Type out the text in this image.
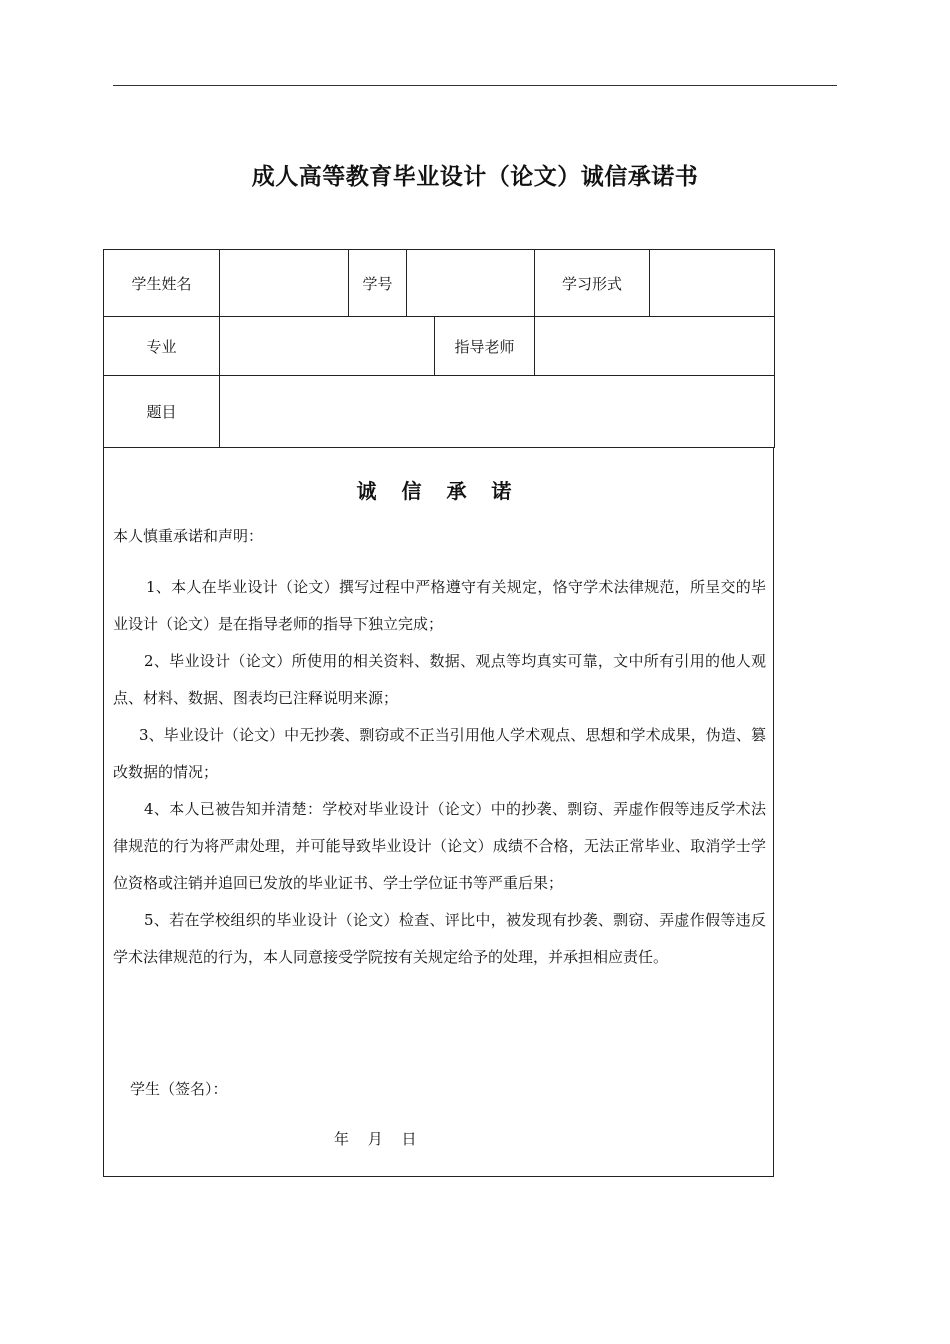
成人高等教育毕业设计（论文）诚信承诺书
学生姓名		学号			学习形式	
专业				指导老师		
题目						
诚 信 承 诺
本人慎重承诺和声明：

1、本人在毕业设计（论文）撰写过程中严格遵守有关规定，恪守学术法律规范，所呈交的毕业设计（论文）是在指导老师的指导下独立完成；

2、毕业设计（论文）所使用的相关资料、数据、观点等均真实可靠，文中所有引用的他人观点、材料、数据、图表均已注释说明来源；

3、毕业设计（论文）中无抄袭、剽窃或不正当引用他人学术观点、思想和学术成果，伪造、篡改数据的情况；

4、本人已被告知并清楚：学校对毕业设计（论文）中的抄袭、剽窃、弄虚作假等违反学术法律规范的行为将严肃处理，并可能导致毕业设计（论文）成绩不合格，无法正常毕业、取消学士学位资格或注销并追回已发放的毕业证书、学士学位证书等严重后果；

5、若在学校组织的毕业设计（论文）检查、评比中，被发现有抄袭、剽窃、弄虚作假等违反学术法律规范的行为，本人同意接受学院按有关规定给予的处理，并承担相应责任。

学生（签名）：
年 月 日
